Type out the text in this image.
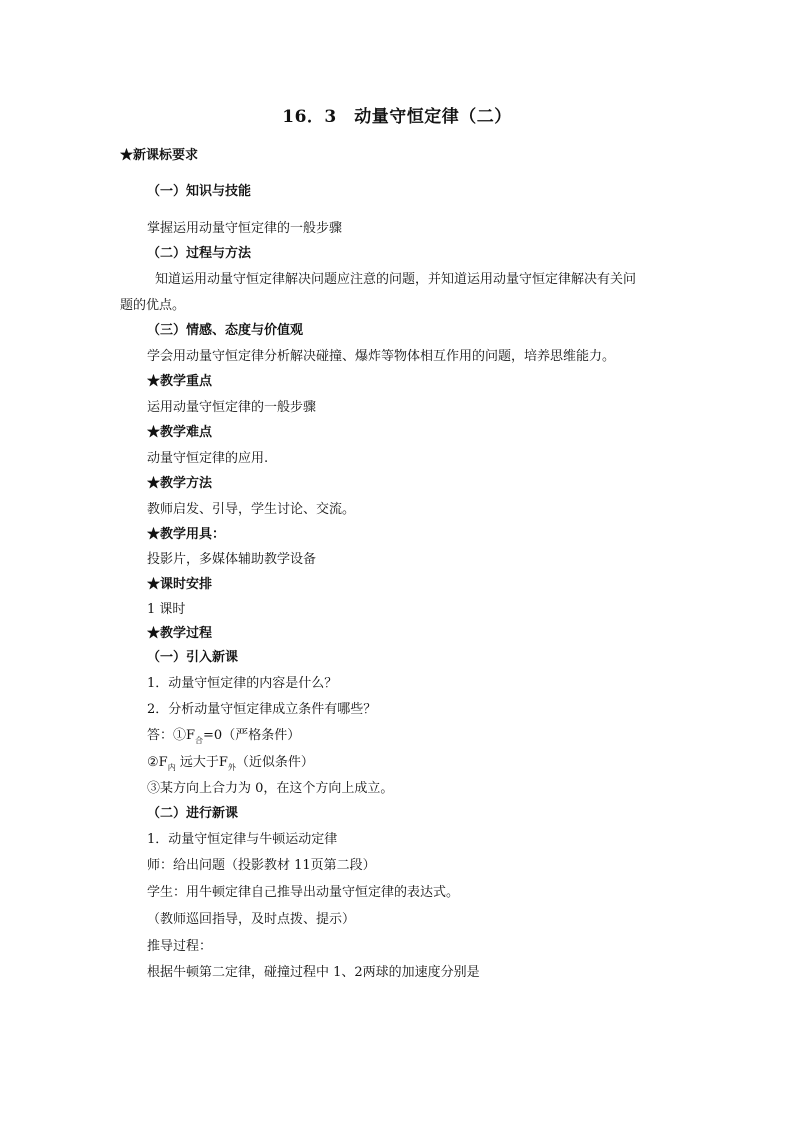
16．3　动量守恒定律（二）
★新课标要求
（一）知识与技能
掌握运用动量守恒定律的一般步骤
（二）过程与方法
知道运用动量守恒定律解决问题应注意的问题，并知道运用动量守恒定律解决有关问
题的优点。
（三）情感、态度与价值观
学会用动量守恒定律分析解决碰撞、爆炸等物体相互作用的问题，培养思维能力。
★教学重点
运用动量守恒定律的一般步骤
★教学难点
动量守恒定律的应用.
★教学方法
教师启发、引导，学生讨论、交流。
★教学用具：
投影片，多媒体辅助教学设备
★课时安排
1 课时
★教学过程
（一）引入新课
1．动量守恒定律的内容是什么？
2．分析动量守恒定律成立条件有哪些？
答：$①F_合=0$（严格条件）
$②F_内$ 远大于$F_外$（近似条件）
③某方向上合力为 0，在这个方向上成立。
（二）进行新课
1．动量守恒定律与牛顿运动定律
师：给出问题（投影教材 11页第二段）
学生：用牛顿定律自己推导出动量守恒定律的表达式。
（教师巡回指导，及时点拨、提示）
推导过程：
根据牛顿第二定律，碰撞过程中 1、2两球的加速度分别是
